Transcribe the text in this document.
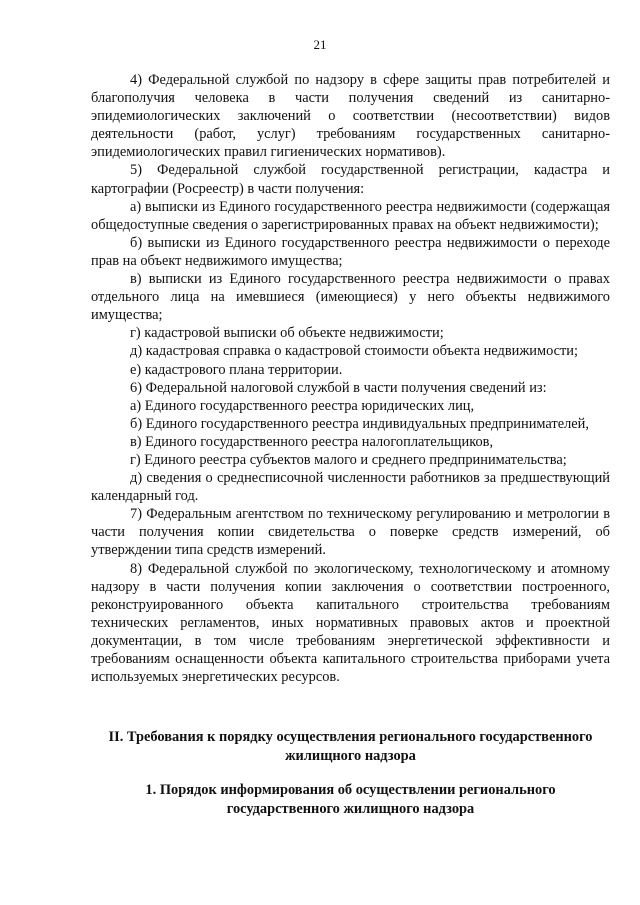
21

4) Федеральной службой по надзору в сфере защиты прав потребителей и благополучия человека в части получения сведений из санитарно-эпидемиологических заключений о соответствии (несоответствии) видов деятельности (работ, услуг) требованиям государственных санитарно-эпидемиологических правил гигиенических нормативов).

5) Федеральной службой государственной регистрации, кадастра и картографии (Росреестр) в части получения:

а) выписки из Единого государственного реестра недвижимости (содержащая общедоступные сведения о зарегистрированных правах на объект недвижимости);

б) выписки из Единого государственного реестра недвижимости о переходе прав на объект недвижимого имущества;

в) выписки из Единого государственного реестра недвижимости о правах отдельного лица на имевшиеся (имеющиеся) у него объекты недвижимого имущества;

г) кадастровой выписки об объекте недвижимости;

д) кадастровая справка о кадастровой стоимости объекта недвижимости;

е) кадастрового плана территории.

6) Федеральной налоговой службой в части получения сведений из:

а) Единого государственного реестра юридических лиц,

б) Единого государственного реестра индивидуальных предпринимателей,

в) Единого государственного реестра налогоплательщиков,

г) Единого реестра субъектов малого и среднего предпринимательства;

д) сведения о среднесписочной численности работников за предшествующий календарный год.

7) Федеральным агентством по техническому регулированию и метрологии в части получения копии свидетельства о поверке средств измерений, об утверждении типа средств измерений.

8) Федеральной службой по экологическому, технологическому и атомному надзору в части получения копии заключения о соответствии построенного, реконструированного объекта капитального строительства требованиям технических регламентов, иных нормативных правовых актов и проектной документации, в том числе требованиям энергетической эффективности и требованиям оснащенности объекта капитального строительства приборами учета используемых энергетических ресурсов.

II. Требования к порядку осуществления регионального государственного жилищного надзора

1. Порядок информирования об осуществлении регионального
государственного жилищного надзора
